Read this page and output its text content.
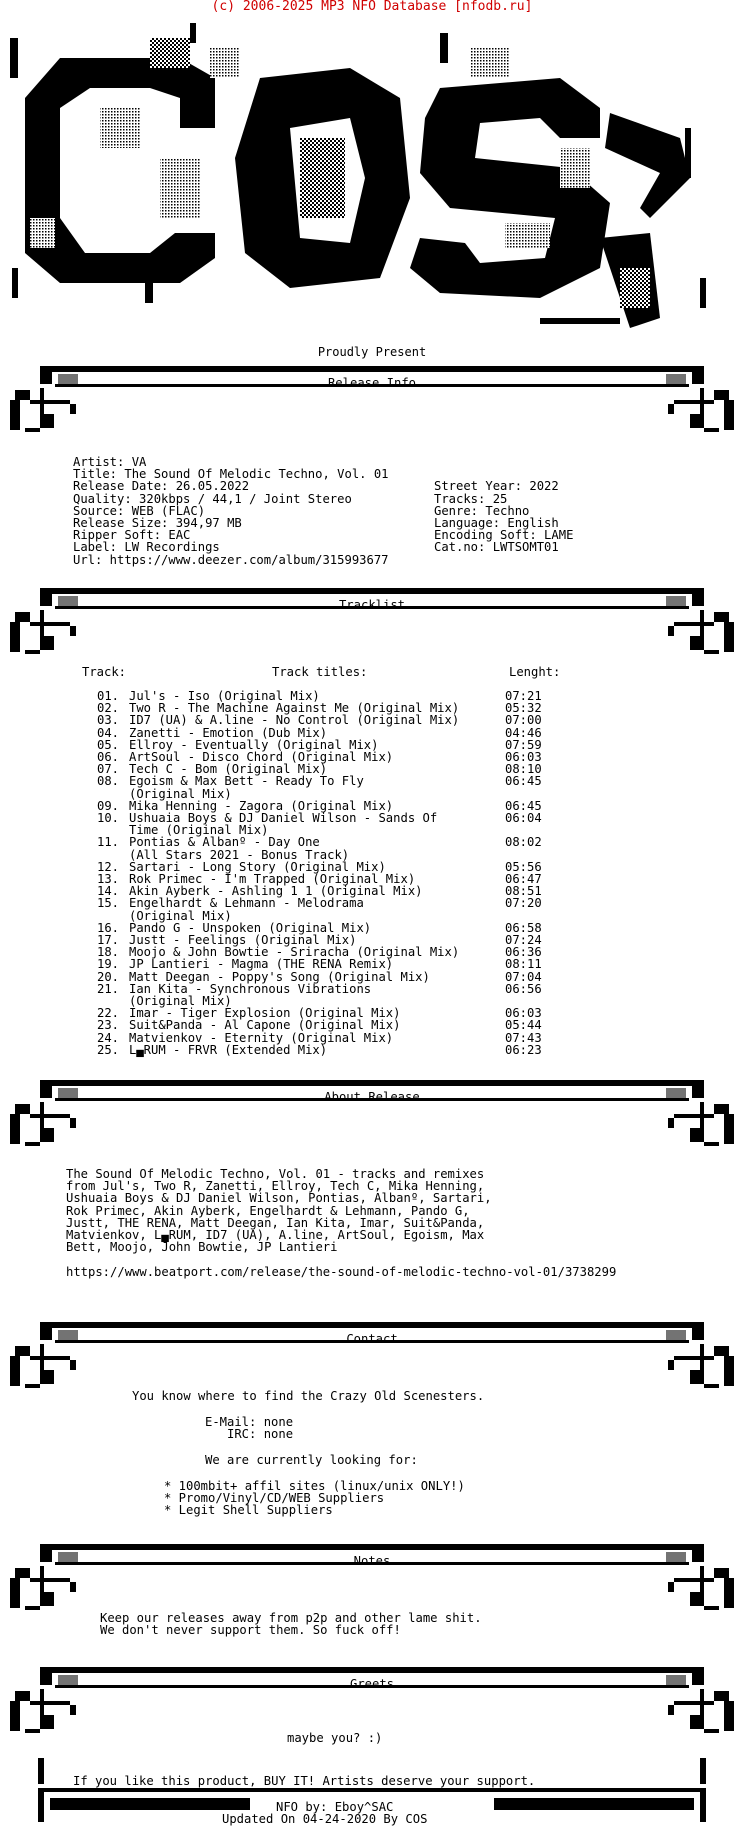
(c) 2006-2025 MP3 NFO Database [nfodb.ru]
Proudly Present
Release Info
Artist: VA
Title: The Sound Of Melodic Techno, Vol. 01
Release Date: 26.05.2022
Quality: 320kbps / 44,1 / Joint Stereo
Source: WEB (FLAC)
Release Size: 394,97 MB
Ripper Soft: EAC
Label: LW Recordings
Url: https://www.deezer.com/album/315993677

Street Year: 2022
Tracks: 25
Genre: Techno
Language: English
Encoding Soft: LAME
Cat.no: LWTSOMT01

Tracklist
Track:	Track titles:	Lenght:
01. Jul's - Iso (Original Mix)	07:21
02. Two R - The Machine Against Me (Original Mix)	05:32
03. ID7 (UA) & A.line - No Control (Original Mix)	07:00
04. Zanetti - Emotion (Dub Mix)	04:46
05. Ellroy - Eventually (Original Mix)	07:59
06. ArtSoul - Disco Chord (Original Mix)	06:03
07. Tech C - Bom (Original Mix)	08:10
08. Egoism & Max Bett - Ready To Fly	06:45
(Original Mix)
09. Mika Henning - Zagora (Original Mix)	06:45
10. Ushuaia Boys & DJ Daniel Wilson - Sands Of	06:04
Time (Original Mix)
11. Pontias & Albanº - Day One	08:02
(All Stars 2021 - Bonus Track)
12. Sartari - Long Story (Original Mix)	05:56
13. Rok Primec - I'm Trapped (Original Mix)	06:47
14. Akin Ayberk - Ashling 1 1 (Original Mix)	08:51
15. Engelhardt & Lehmann - Melodrama	07:20
(Original Mix)
16. Pando G - Unspoken (Original Mix)	06:58
17. Justt - Feelings (Original Mix)	07:24
18. Moojo & John Bowtie - Sriracha (Original Mix)	06:36
19. JP Lantieri - Magma (THE RENA Remix)	08:11
20. Matt Deegan - Poppy's Song (Original Mix)	07:04
21. Ian Kita - Synchronous Vibrations	06:56
(Original Mix)
22. Imar - Tiger Explosion (Original Mix)	06:03
23. Suit&Panda - Al Capone (Original Mix)	05:44
24. Matvienkov - Eternity (Original Mix)	07:43
25. L▄RUM - FRVR (Extended Mix)	06:23
About Release
The Sound Of Melodic Techno, Vol. 01 - tracks and remixes
from Jul's, Two R, Zanetti, Ellroy, Tech C, Mika Henning,
Ushuaia Boys & DJ Daniel Wilson, Pontias, Albanº, Sartari,
Rok Primec, Akin Ayberk, Engelhardt & Lehmann, Pando G,
Justt, THE RENA, Matt Deegan, Ian Kita, Imar, Suit&Panda,
Matvienkov, L▄RUM, ID7 (UA), A.line, ArtSoul, Egoism, Max
Bett, Moojo, John Bowtie, JP Lantieri

https://www.beatport.com/release/the-sound-of-melodic-techno-vol-01/3738299
Contact
You know where to find the Crazy Old Scenesters.
E-Mail: none
IRC: none
We are currently looking for:
* 100mbit+ affil sites (linux/unix ONLY!)
* Promo/Vinyl/CD/WEB Suppliers
* Legit Shell Suppliers
Notes
Keep our releases away from p2p and other lame shit.
We don't never support them. So fuck off!
Greets
maybe you? :)
If you like this product, BUY IT! Artists deserve your support.
NFO by: Eboy^SAC
Updated On 04-24-2020 By COS
